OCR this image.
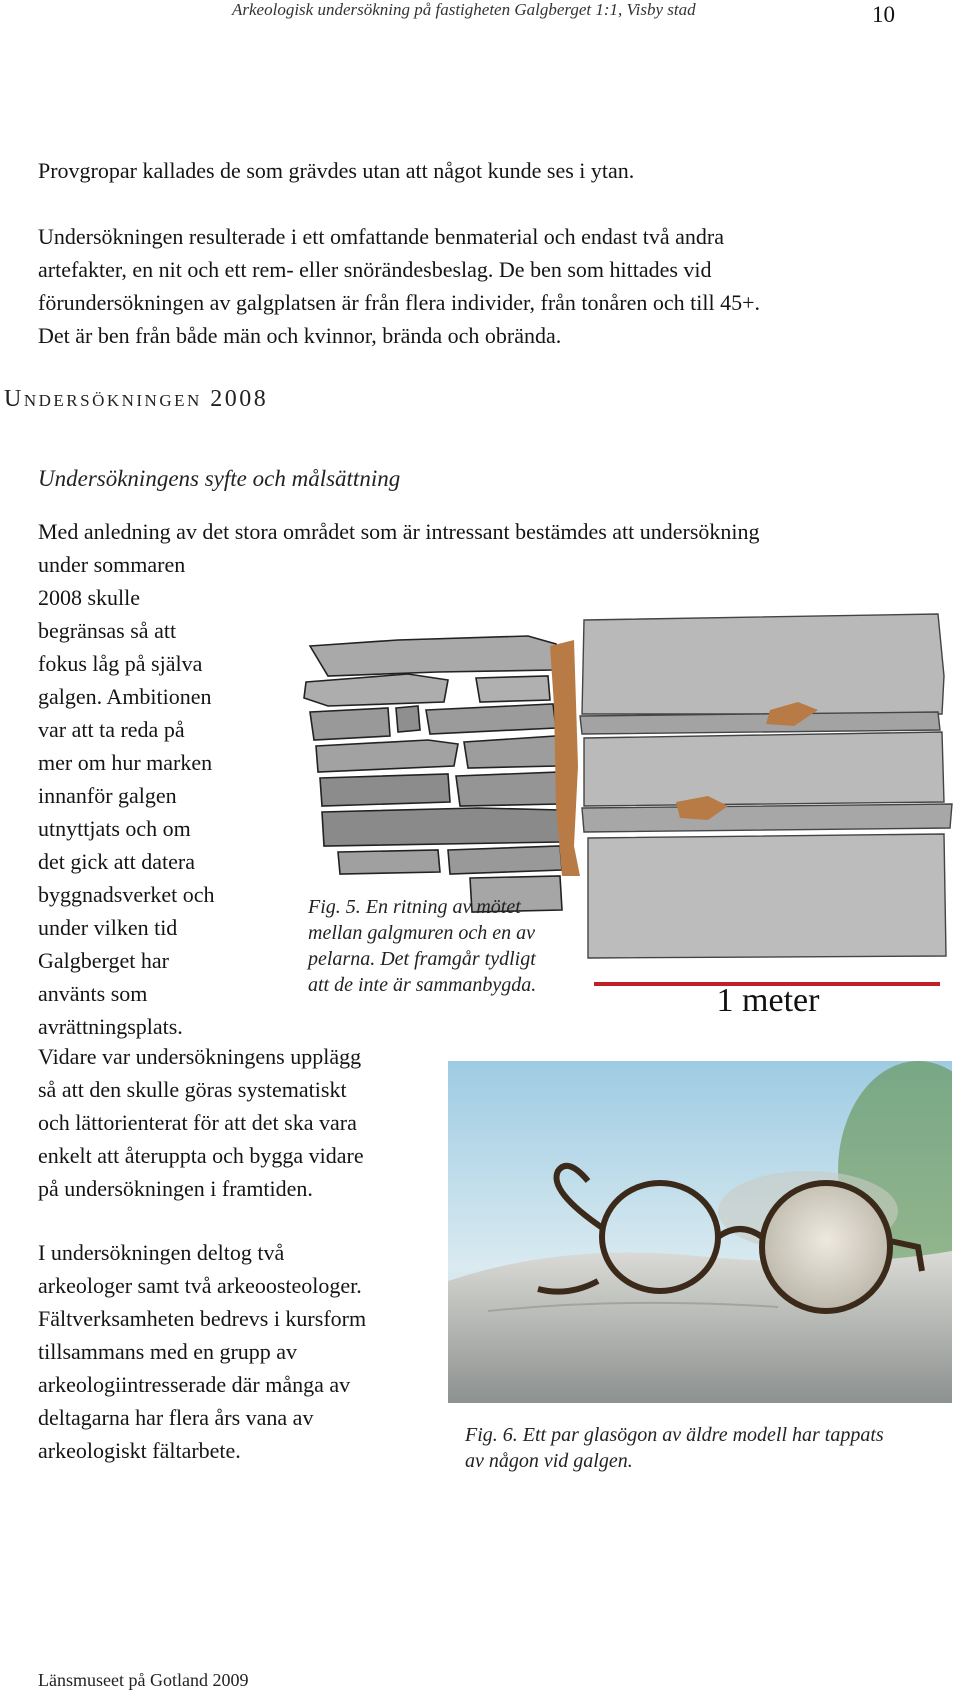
Arkeologisk undersökning på fastigheten Galgberget 1:1, Visby stad	10
Provgropar kallades de som grävdes utan att något kunde ses i ytan.
Undersökningen resulterade i ett omfattande benmaterial och endast två andra
artefakter, en nit och ett rem- eller snörändesbeslag. De ben som hittades vid
förundersökningen av galgplatsen är från flera individer, från tonåren och till 45+.
Det är ben från både män och kvinnor, brända och obrända.
Undersökningen 2008
Undersökningens syfte och målsättning
Med anledning av det stora området som är intressant bestämdes att undersökning
under sommaren
2008 skulle
begränsas så att
fokus låg på själva
galgen. Ambitionen
var att ta reda på
mer om hur marken
innanför galgen
utnyttjats och om
det gick att datera
byggnadsverket och
under vilken tid
Galgberget har
använts som
avrättningsplats.
Vidare var undersökningens upplägg
så att den skulle göras systematiskt
och lättorienterat för att det ska vara
enkelt att återuppta och bygga vidare
på undersökningen i framtiden.
I undersökningen deltog två
arkeologer samt två arkeoosteologer.
Fältverksamheten bedrevs i kursform
tillsammans med en grupp av
arkeologiintresserade där många av
deltagarna har flera års vana av
arkeologiskt fältarbete.
1 meter
Fig. 5. En ritning av mötet
mellan galgmuren och en av
pelarna. Det framgår tydligt
att de inte är sammanbygda.
Fig. 6. Ett par glasögon av äldre modell har tappats
av någon vid galgen.
Länsmuseet på Gotland 2009
